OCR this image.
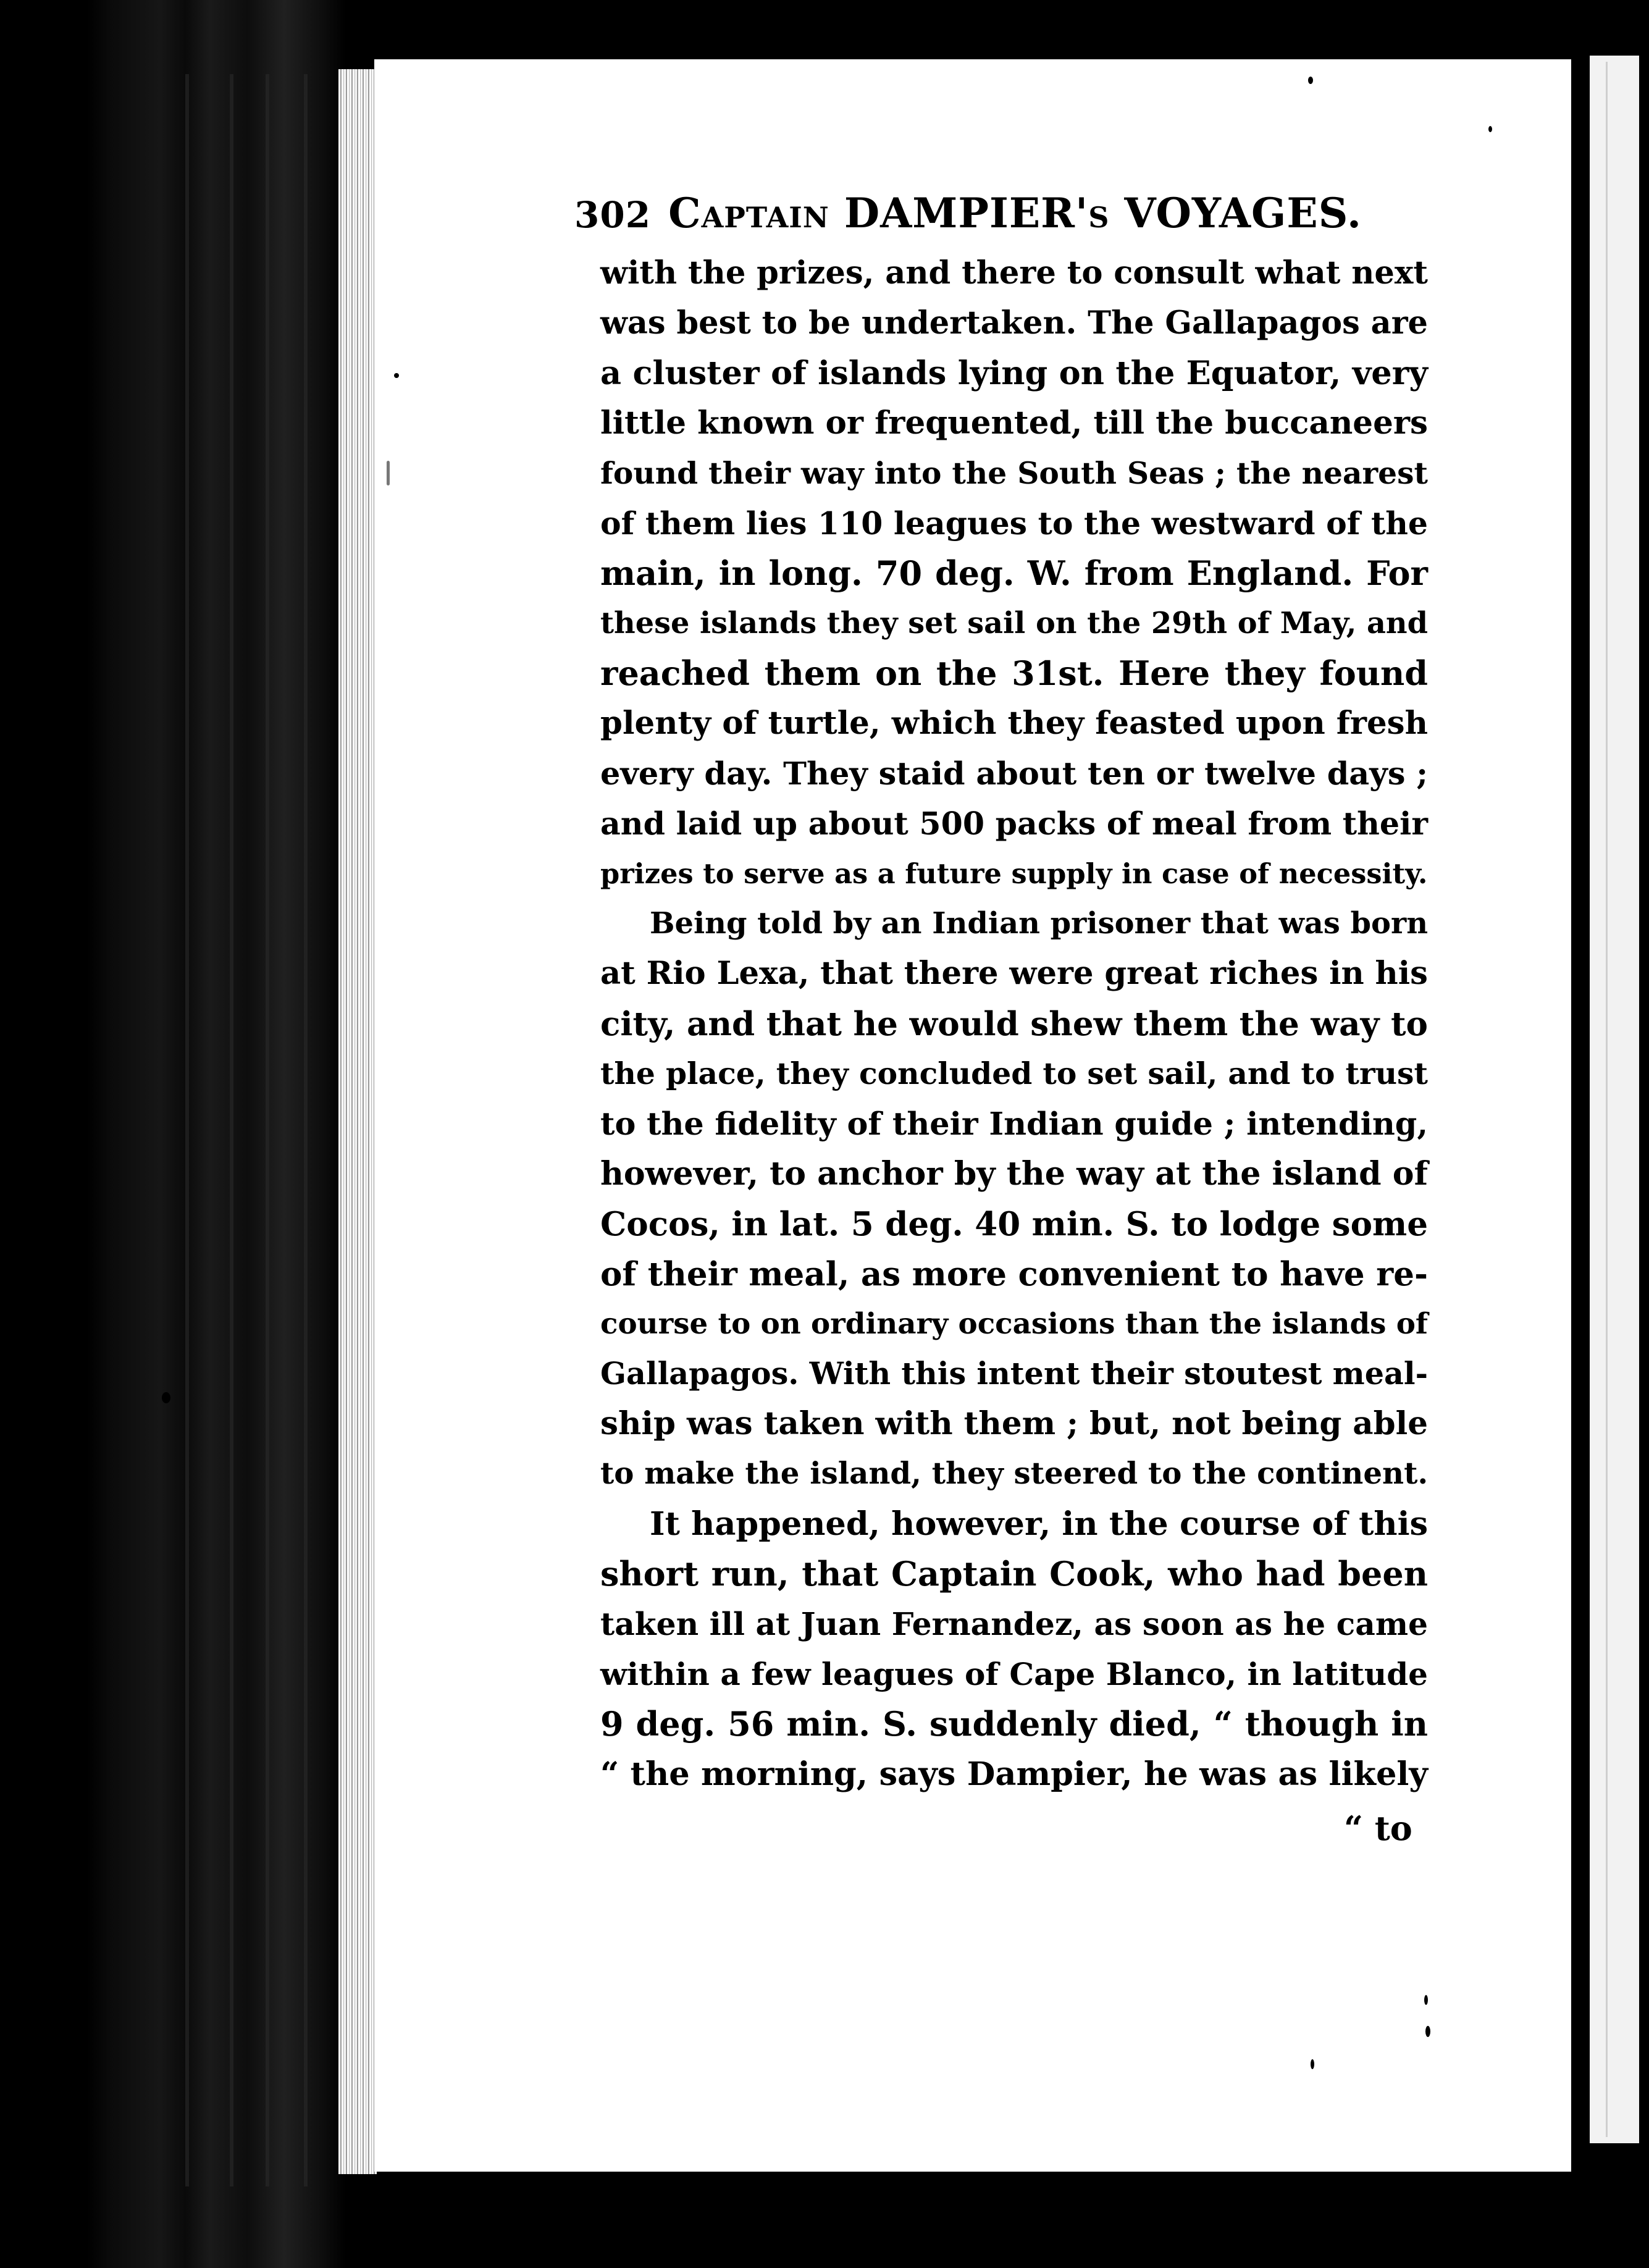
302 Captain DAMPIER's VOYAGES.
with the prizes, and there to consult what next
was best to be undertaken. The Gallapagos are
a cluster of islands lying on the Equator, very
little known or frequented, till the buccaneers
found their way into the South Seas ; the nearest
of them lies 110 leagues to the westward of the
main, in long. 70 deg. W. from England. For
these islands they set sail on the 29th of May, and
reached them on the 31st. Here they found
plenty of turtle, which they feasted upon fresh
every day. They staid about ten or twelve days ;
and laid up about 500 packs of meal from their
prizes to serve as a future supply in case of necessity.
Being told by an Indian prisoner that was born
at Rio Lexa, that there were great riches in his
city, and that he would shew them the way to
the place, they concluded to set sail, and to trust
to the fidelity of their Indian guide ; intending,
however, to anchor by the way at the island of
Cocos, in lat. 5 deg. 40 min. S. to lodge some
of their meal, as more convenient to have re-
course to on ordinary occasions than the islands of
Gallapagos. With this intent their stoutest meal-
ship was taken with them ; but, not being able
to make the island, they steered to the continent.
It happened, however, in the course of this
short run, that Captain Cook, who had been
taken ill at Juan Fernandez, as soon as he came
within a few leagues of Cape Blanco, in latitude
9 deg. 56 min. S. suddenly died, “ though in
“ the morning, says Dampier, he was as likely
“ to
